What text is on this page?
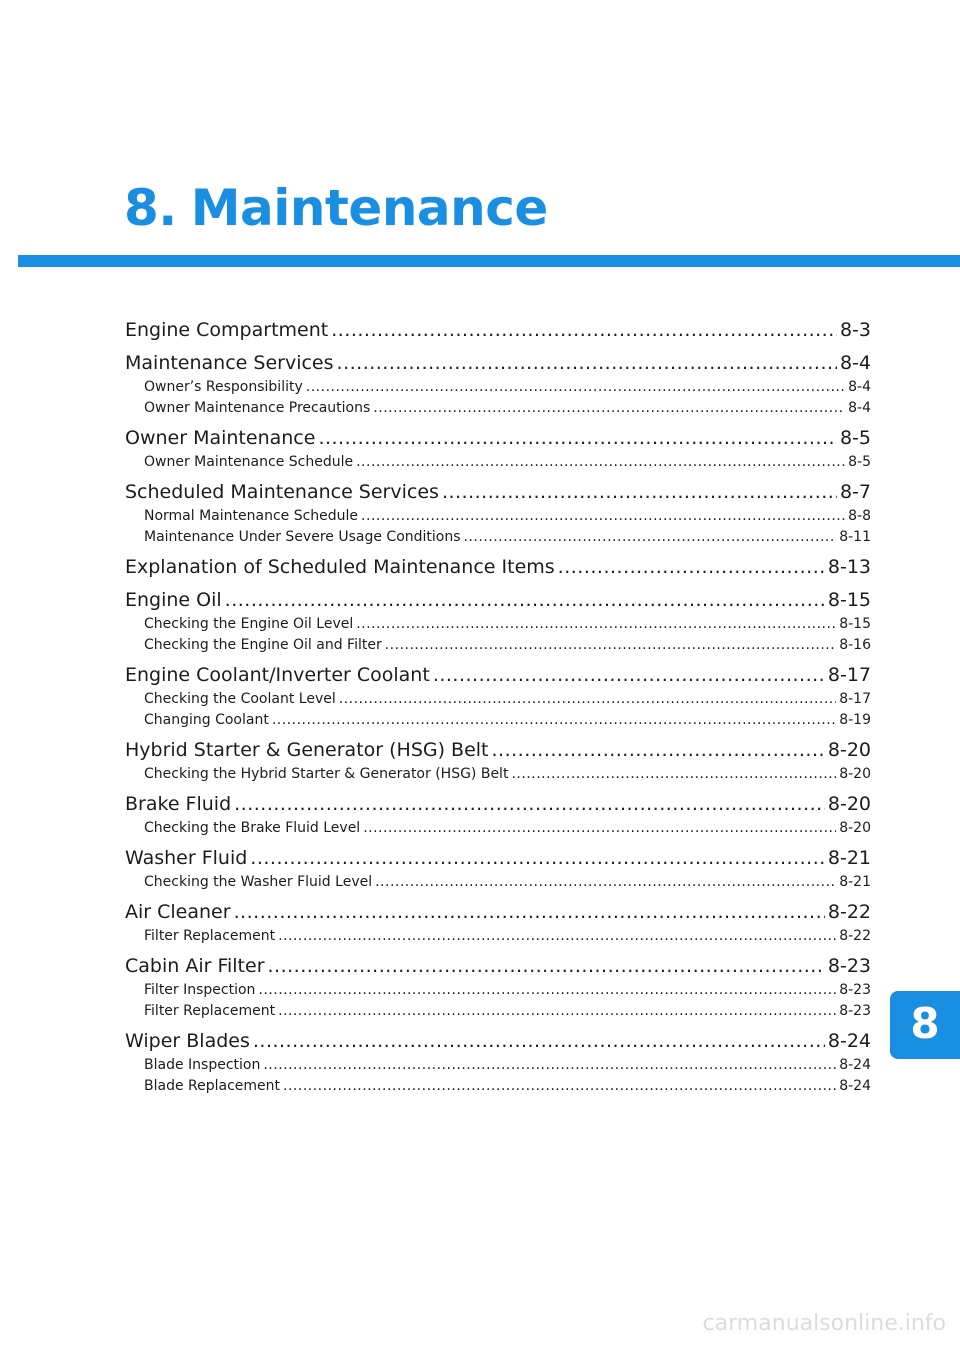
8. Maintenance
Engine Compartment .....	8-3
Maintenance Services .....	8-4
Owner’s Responsibility .....	8-4
Owner Maintenance Precautions .....	8-4
Owner Maintenance .....	8-5
Owner Maintenance Schedule .....	8-5
Scheduled Maintenance Services .....	8-7
Normal Maintenance Schedule .....	8-8
Maintenance Under Severe Usage Conditions .....	8-11
Explanation of Scheduled Maintenance Items .....	8-13
Engine Oil .....	8-15
Checking the Engine Oil Level .....	8-15
Checking the Engine Oil and Filter .....	8-16
Engine Coolant/Inverter Coolant .....	8-17
Checking the Coolant Level .....	8-17
Changing Coolant .....	8-19
Hybrid Starter & Generator (HSG) Belt .....	8-20
Checking the Hybrid Starter & Generator (HSG) Belt .....	8-20
Brake Fluid .....	8-20
Checking the Brake Fluid Level .....	8-20
Washer Fluid .....	8-21
Checking the Washer Fluid Level .....	8-21
Air Cleaner .....	8-22
Filter Replacement .....	8-22
Cabin Air Filter .....	8-23
Filter Inspection .....	8-23
Filter Replacement .....	8-23
Wiper Blades .....	8-24
Blade Inspection .....	8-24
Blade Replacement .....	8-24
8
carmanualsonline.info
